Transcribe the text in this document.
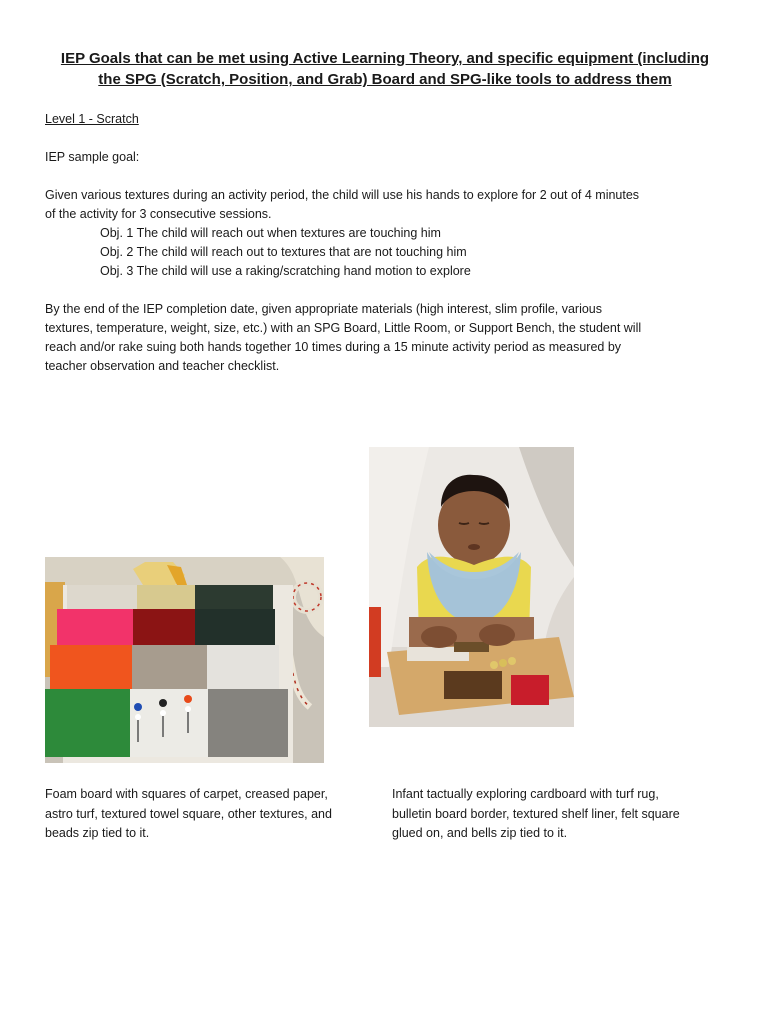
IEP Goals that can be met using Active Learning Theory, and specific equipment (including
the SPG (Scratch, Position, and Grab) Board and SPG-like tools to address them
Level 1 - Scratch
IEP sample goal:
Given various textures during an activity period, the child will use his hands to explore for 2 out of 4 minutes
of the activity for 3 consecutive sessions.
Obj. 1 The child will reach out when textures are touching him
Obj. 2 The child will reach out to textures that are not touching him
Obj. 3 The child will use a raking/scratching hand motion to explore
By the end of the IEP completion date, given appropriate materials (high interest, slim profile, various
textures, temperature, weight, size, etc.) with an SPG Board, Little Room, or Support Bench, the student will
reach and/or rake suing both hands together 10 times during a 15 minute activity period as measured by
teacher observation and teacher checklist.
Foam board with squares of carpet, creased paper,
astro turf, textured towel square, other textures, and
beads zip tied to it.
Infant tactually exploring cardboard with turf rug,
bulletin board border, textured shelf liner, felt square
glued on, and bells zip tied to it.
